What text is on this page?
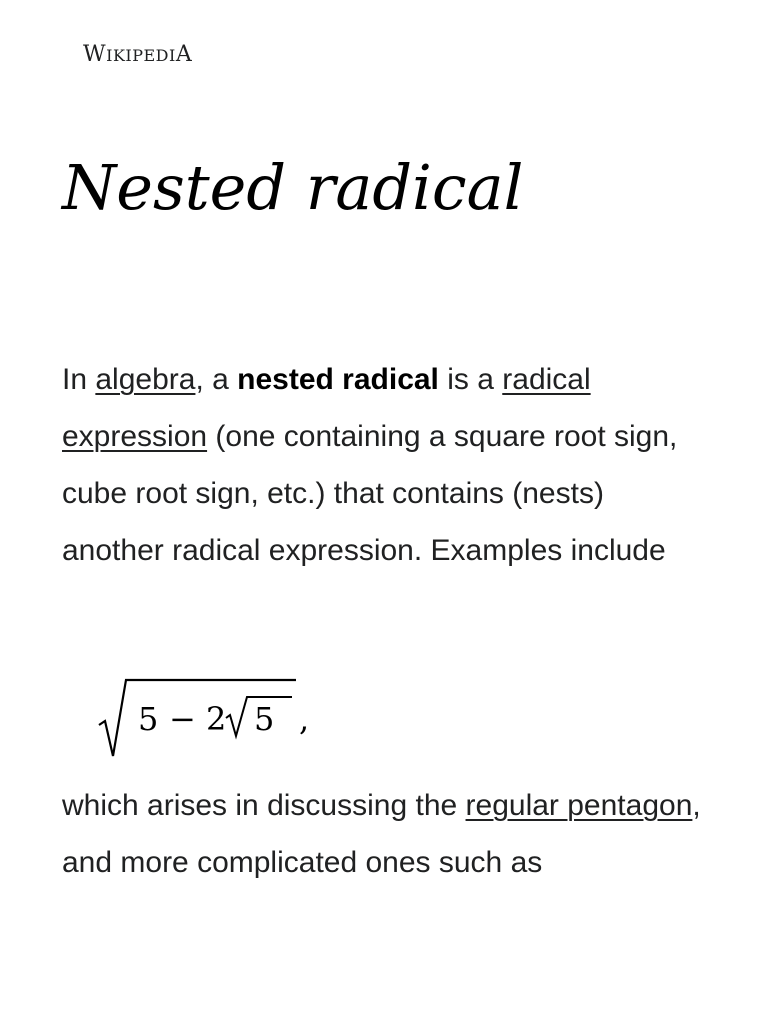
WIKIPEDIA
Nested radical

In algebra, a nested radical is a radical expression (one containing a square root sign, cube root sign, etc.) that contains (nests) another radical expression. Examples include

5 − 2 5 ,

which arises in discussing the regular pentagon, and more complicated ones such as
